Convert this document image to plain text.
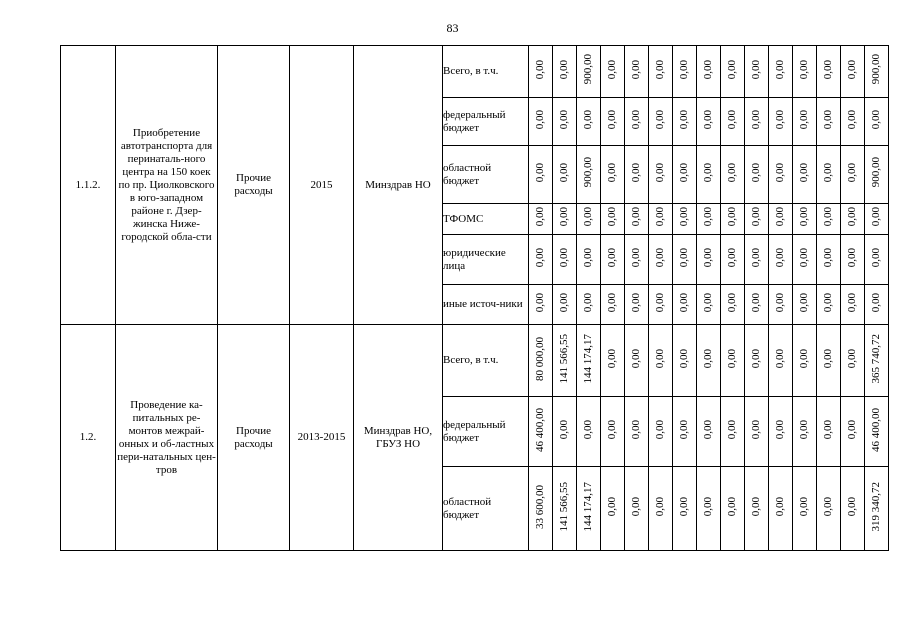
83
1.1.2.	Приобретение автотранспорта для перинаталь-ного центра на 150 коек по пр. Циолковского в юго-западном районе г. Дзер-жинска Ниже-городской обла-сти	Прочие расходы	2015	Минздрав НО	Всего, в т.ч.	0,00	0,00	900,00	0,00	0,00	0,00	0,00	0,00	0,00	0,00	0,00	0,00	0,00	0,00	900,00
					федеральный бюджет	0,00	0,00	0,00	0,00	0,00	0,00	0,00	0,00	0,00	0,00	0,00	0,00	0,00	0,00	0,00
					областной бюджет	0,00	0,00	900,00	0,00	0,00	0,00	0,00	0,00	0,00	0,00	0,00	0,00	0,00	0,00	900,00
					ТФОМС	0,00	0,00	0,00	0,00	0,00	0,00	0,00	0,00	0,00	0,00	0,00	0,00	0,00	0,00	0,00
					юридические лица	0,00	0,00	0,00	0,00	0,00	0,00	0,00	0,00	0,00	0,00	0,00	0,00	0,00	0,00	0,00
					иные источ-ники	0,00	0,00	0,00	0,00	0,00	0,00	0,00	0,00	0,00	0,00	0,00	0,00	0,00	0,00	0,00
1.2.	Проведение ка-питальных ре-монтов межрай-онных и об-ластных пери-натальных цен-тров	Прочие расходы	2013-2015	Минздрав НО, ГБУЗ НО	Всего, в т.ч.	80 000,00	141 566,55	144 174,17	0,00	0,00	0,00	0,00	0,00	0,00	0,00	0,00	0,00	0,00	0,00	365 740,72
					федеральный бюджет	46 400,00	0,00	0,00	0,00	0,00	0,00	0,00	0,00	0,00	0,00	0,00	0,00	0,00	0,00	46 400,00
					областной бюджет	33 600,00	141 566,55	144 174,17	0,00	0,00	0,00	0,00	0,00	0,00	0,00	0,00	0,00	0,00	0,00	319 340,72
